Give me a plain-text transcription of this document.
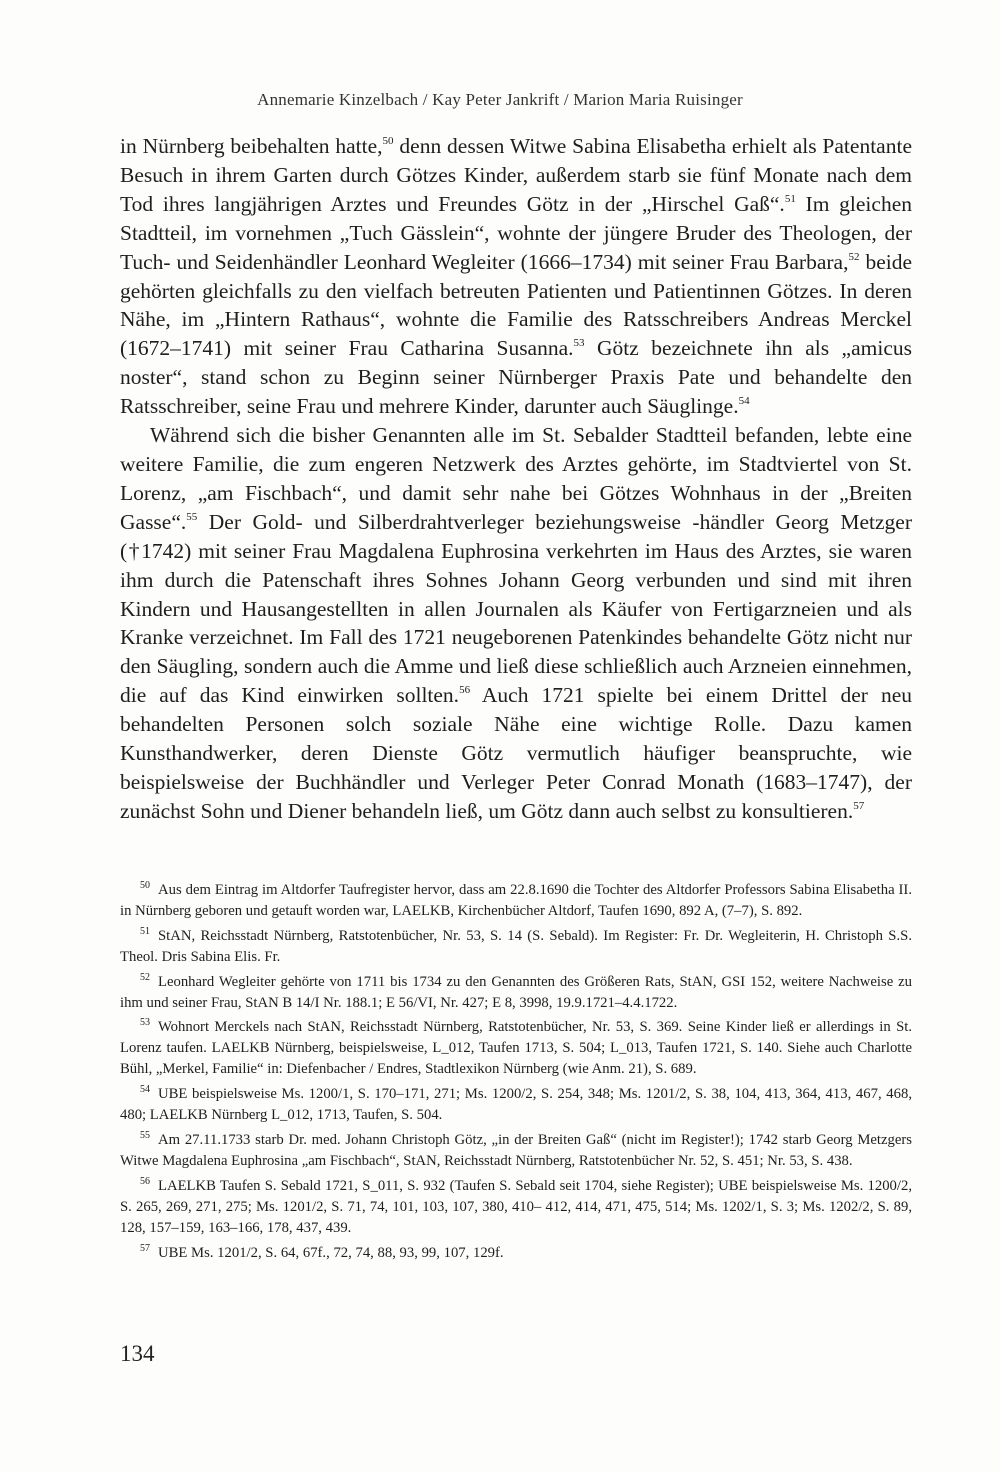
Annemarie Kinzelbach / Kay Peter Jankrift / Marion Maria Ruisinger

in Nürnberg beibehalten hatte,$^{50}$ denn dessen Witwe Sabina Elisabetha erhielt als Patentante Besuch in ihrem Garten durch Götzes Kinder, außerdem starb sie fünf Monate nach dem Tod ihres langjährigen Arztes und Freundes Götz in der „Hirschel Gaß“.$^{51}$ Im gleichen Stadtteil, im vornehmen „Tuch Gässlein“, wohnte der jüngere Bruder des Theologen, der Tuch- und Seidenhändler Leonhard Wegleiter (1666–1734) mit seiner Frau Barbara,$^{52}$ beide gehörten gleichfalls zu den vielfach betreuten Patienten und Patientinnen Götzes. In deren Nähe, im „Hintern Rathaus“, wohnte die Familie des Ratsschreibers Andreas Merckel (1672–1741) mit seiner Frau Catharina Susanna.$^{53}$ Götz bezeichnete ihn als „amicus noster“, stand schon zu Beginn seiner Nürnberger Praxis Pate und behandelte den Ratsschreiber, seine Frau und mehrere Kinder, darunter auch Säuglinge.$^{54}$

Während sich die bisher Genannten alle im St. Sebalder Stadtteil befanden, lebte eine weitere Familie, die zum engeren Netzwerk des Arztes gehörte, im Stadtviertel von St. Lorenz, „am Fischbach“, und damit sehr nahe bei Götzes Wohnhaus in der „Breiten Gasse“.$^{55}$ Der Gold- und Silberdrahtverleger beziehungsweise -händler Georg Metzger (†1742) mit seiner Frau Magdalena Euphrosina verkehrten im Haus des Arztes, sie waren ihm durch die Patenschaft ihres Sohnes Johann Georg verbunden und sind mit ihren Kindern und Hausangestellten in allen Journalen als Käufer von Fertigarzneien und als Kranke verzeichnet. Im Fall des 1721 neugeborenen Patenkindes behandelte Götz nicht nur den Säugling, sondern auch die Amme und ließ diese schließlich auch Arzneien einnehmen, die auf das Kind einwirken sollten.$^{56}$ Auch 1721 spielte bei einem Drittel der neu behandelten Personen solch soziale Nähe eine wichtige Rolle. Dazu kamen Kunsthandwerker, deren Dienste Götz vermutlich häufiger beanspruchte, wie beispielsweise der Buchhändler und Verleger Peter Conrad Monath (1683–1747), der zunächst Sohn und Diener behandeln ließ, um Götz dann auch selbst zu konsultieren.$^{57}$

$^{50}$ Aus dem Eintrag im Altdorfer Taufregister hervor, dass am 22.8.1690 die Tochter des Altdorfer Professors Sabina Elisabetha II. in Nürnberg geboren und getauft worden war, LAELKB, Kirchenbücher Altdorf, Taufen 1690, 892 A, (7–7), S. 892.

$^{51}$ StAN, Reichsstadt Nürnberg, Ratstotenbücher, Nr. 53, S. 14 (S. Sebald). Im Register: Fr. Dr. Wegleiterin, H. Christoph S.S. Theol. Dris Sabina Elis. Fr.

$^{52}$ Leonhard Wegleiter gehörte von 1711 bis 1734 zu den Genannten des Größeren Rats, StAN, GSI 152, weitere Nachweise zu ihm und seiner Frau, StAN B 14/I Nr. 188.1; E 56/VI, Nr. 427; E 8, 3998, 19.9.1721–4.4.1722.

$^{53}$ Wohnort Merckels nach StAN, Reichsstadt Nürnberg, Ratstotenbücher, Nr. 53, S. 369. Seine Kinder ließ er allerdings in St. Lorenz taufen. LAELKB Nürnberg, beispielsweise, L_012, Taufen 1713, S. 504; L_013, Taufen 1721, S. 140. Siehe auch Charlotte Bühl, „Merkel, Familie“ in: Diefenbacher / Endres, Stadtlexikon Nürnberg (wie Anm. 21), S. 689.

$^{54}$ UBE beispielsweise Ms. 1200/1, S. 170–171, 271; Ms. 1200/2, S. 254, 348; Ms. 1201/2, S. 38, 104, 413, 364, 413, 467, 468, 480; LAELKB Nürnberg L_012, 1713, Taufen, S. 504.

$^{55}$ Am 27.11.1733 starb Dr. med. Johann Christoph Götz, „in der Breiten Gaß“ (nicht im Register!); 1742 starb Georg Metzgers Witwe Magdalena Euphrosina „am Fischbach“, StAN, Reichsstadt Nürnberg, Ratstotenbücher Nr. 52, S. 451; Nr. 53, S. 438.

$^{56}$ LAELKB Taufen S. Sebald 1721, S_011, S. 932 (Taufen S. Sebald seit 1704, siehe Register); UBE beispielsweise Ms. 1200/2, S. 265, 269, 271, 275; Ms. 1201/2, S. 71, 74, 101, 103, 107, 380, 410– 412, 414, 471, 475, 514; Ms. 1202/1, S. 3; Ms. 1202/2, S. 89, 128, 157–159, 163–166, 178, 437, 439.

$^{57}$ UBE Ms. 1201/2, S. 64, 67f., 72, 74, 88, 93, 99, 107, 129f.

134
